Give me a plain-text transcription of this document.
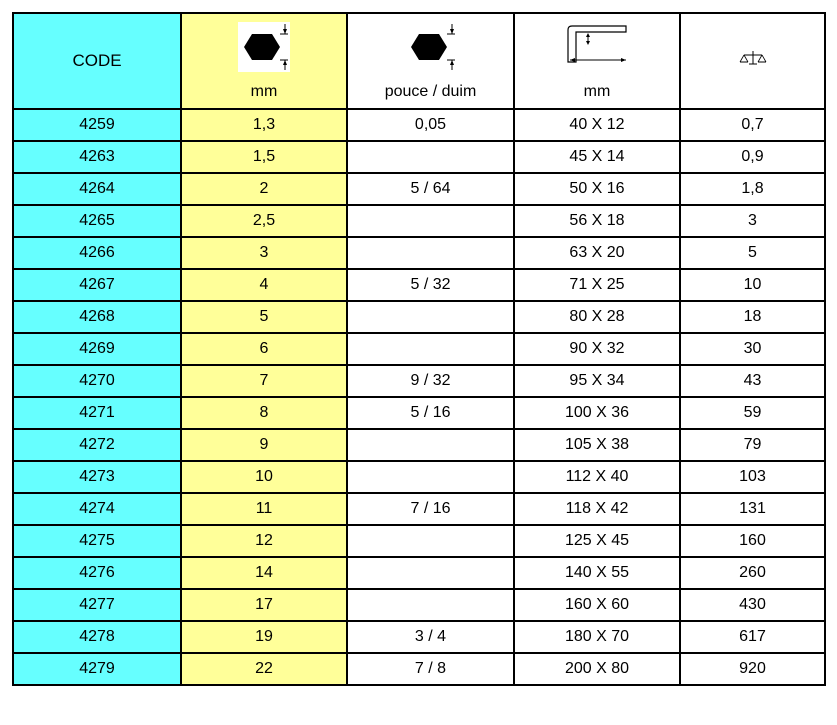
CODE	mm	pouce / duim	mm

4259	1,3	0,05	40 X 12	0,7
4263	1,5		45 X 14	0,9
4264	2	5 / 64	50 X 16	1,8
4265	2,5		56 X 18	3
4266	3		63 X 20	5
4267	4	5 / 32	71 X 25	10
4268	5		80 X 28	18
4269	6		90 X 32	30
4270	7	9 / 32	95 X 34	43
4271	8	5 / 16	100 X 36	59
4272	9		105 X 38	79
4273	10		112 X 40	103
4274	11	7 / 16	118 X 42	131
4275	12		125 X 45	160
4276	14		140 X 55	260
4277	17		160 X 60	430
4278	19	3 / 4	180 X 70	617
4279	22	7 / 8	200 X 80	920
